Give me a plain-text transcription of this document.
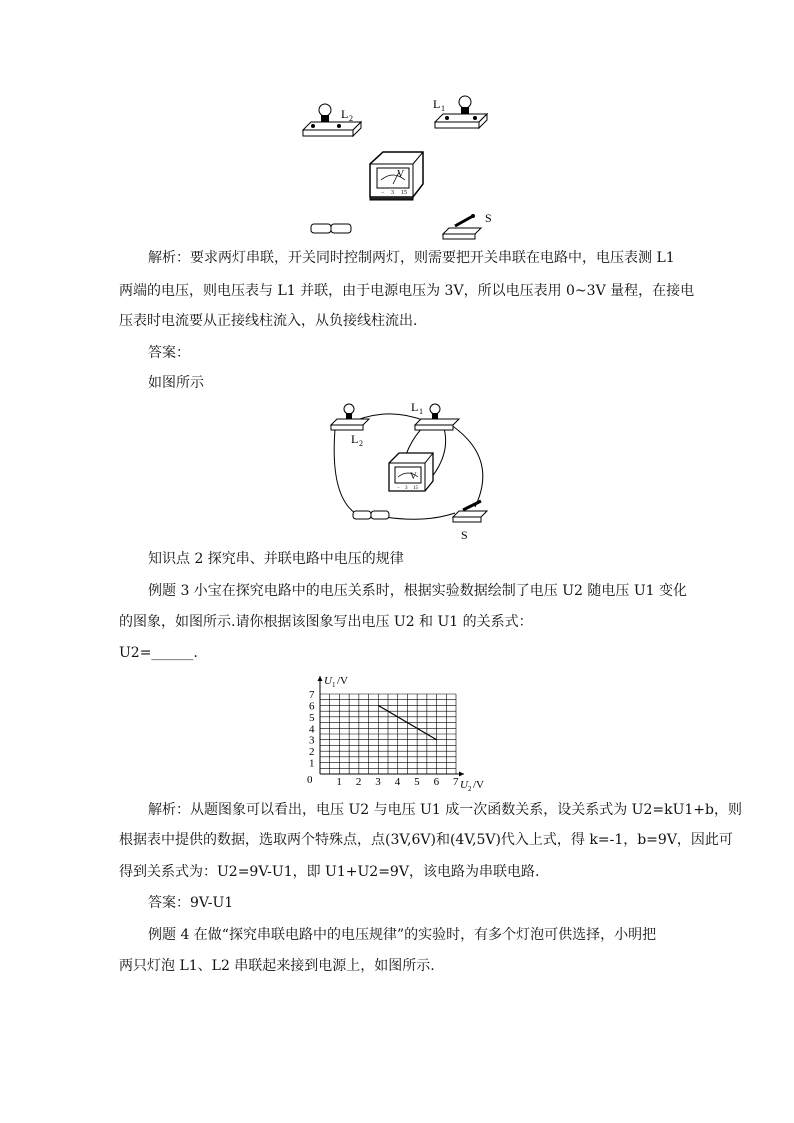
L 2
L 1
V
− 3 15
S
解析：要求两灯串联，开关同时控制两灯，则需要把开关串联在电路中，电压表测 L1
两端的电压，则电压表与 L1 并联，由于电源电压为 3V，所以电压表用 0~3V 量程，在接电
压表时电流要从正接线柱流入，从负接线柱流出.
答案：
如图所示
L 1
L 2
V
− 3 15
S
知识点 2 探究串、并联电路中电压的规律
例题 3 小宝在探究电路中的电压关系时，根据实验数据绘制了电压 U2 随电压 U1 变化
的图象，如图所示.请你根据该图象写出电压 U2 和 U1 的关系式：
U2=______.
1 2 3 4 5 6 7
7
6
5
4
3
2
1
0
U 1 /V
U 2 /V
解析：从题图象可以看出，电压 U2 与电压 U1 成一次函数关系，设关系式为 U2=kU1+b，则
根据表中提供的数据，选取两个特殊点，点(3V,6V)和(4V,5V)代入上式，得 k=-1，b=9V，因此可
得到关系式为：U2=9V-U1，即 U1+U2=9V，该电路为串联电路.
答案：9V-U1
例题 4 在做“探究串联电路中的电压规律”的实验时，有多个灯泡可供选择，小明把
两只灯泡 L1、L2 串联起来接到电源上，如图所示.
